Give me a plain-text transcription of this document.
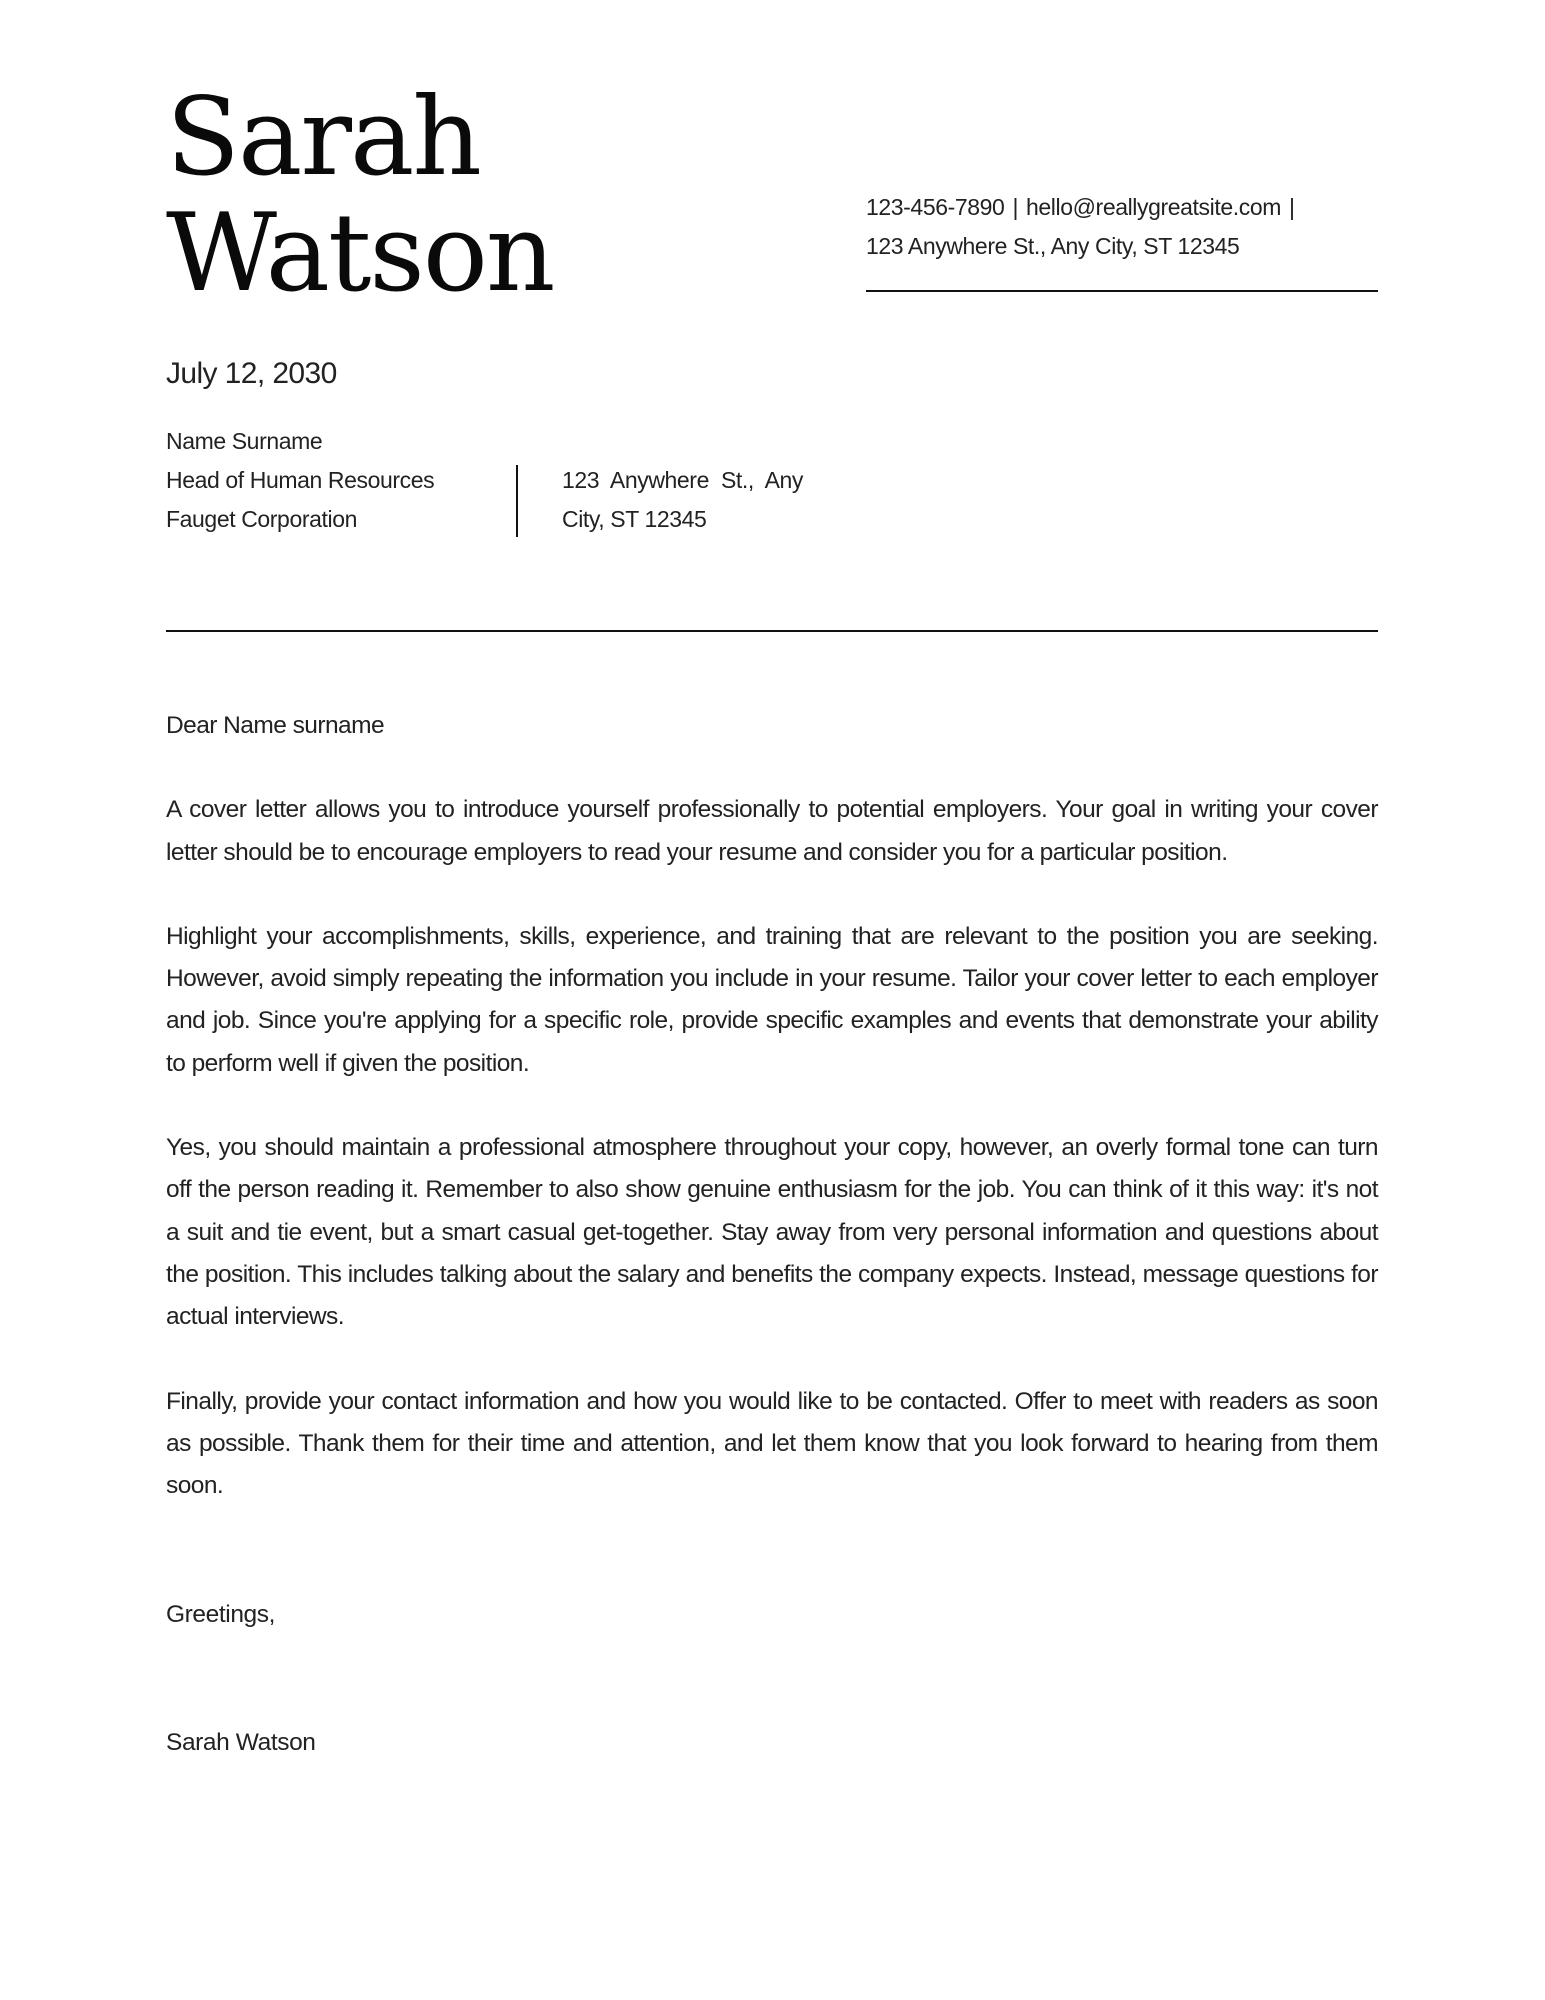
Sarah
Watson	123-456-7890 | hello@reallygreatsite.com |
123 Anywhere St., Any City, ST 12345
July 12, 2030
Name Surname
Head of Human Resources
Fauget Corporation
123  Anywhere  St.,  Any
City, ST 12345

Dear Name surname

A cover letter allows you to introduce yourself professionally to potential employers. Your goal in writing your cover letter should be to encourage employers to read your resume and consider you for a particular position.

Highlight your accomplishments, skills, experience, and training that are relevant to the position you are seeking. However, avoid simply repeating the information you include in your resume. Tailor your cover letter to each employer and job. Since you're applying for a specific role, provide specific examples and events that demonstrate your ability to perform well if given the position.

Yes, you should maintain a professional atmosphere throughout your copy, however, an overly formal tone can turn off the person reading it. Remember to also show genuine enthusiasm for the job. You can think of it this way: it's not a suit and tie event, but a smart casual get-together. Stay away from very personal information and questions about the position. This includes talking about the salary and benefits the company expects. Instead, message questions for actual interviews.

Finally, provide your contact information and how you would like to be contacted. Offer to meet with readers as soon as possible. Thank them for their time and attention, and let them know that you look forward to hearing from them soon.

Greetings,
Sarah Watson
